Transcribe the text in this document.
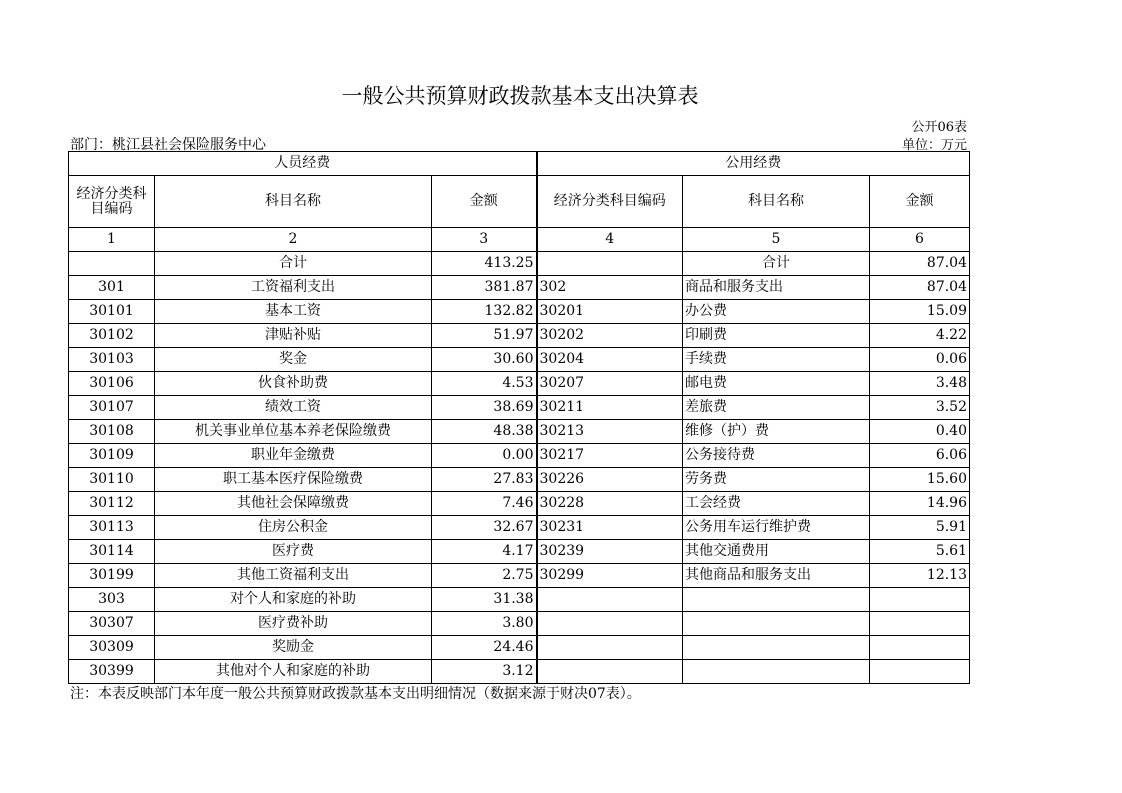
一般公共预算财政拨款基本支出决算表
公开06表
部门：桃江县社会保险服务中心	单位：万元
人员经费			公用经费		
经济分类科目编码	科目名称	金额	经济分类科目编码	科目名称	金额
1	2	3	4	5	6
	合计	413.25		合计	87.04
301	工资福利支出	381.87	302	商品和服务支出	87.04
30101	基本工资	132.82	30201	办公费	15.09
30102	津贴补贴	51.97	30202	印刷费	4.22
30103	奖金	30.60	30204	手续费	0.06
30106	伙食补助费	4.53	30207	邮电费	3.48
30107	绩效工资	38.69	30211	差旅费	3.52
30108	机关事业单位基本养老保险缴费	48.38	30213	维修（护）费	0.40
30109	职业年金缴费	0.00	30217	公务接待费	6.06
30110	职工基本医疗保险缴费	27.83	30226	劳务费	15.60
30112	其他社会保障缴费	7.46	30228	工会经费	14.96
30113	住房公积金	32.67	30231	公务用车运行维护费	5.91
30114	医疗费	4.17	30239	其他交通费用	5.61
30199	其他工资福利支出	2.75	30299	其他商品和服务支出	12.13
303	对个人和家庭的补助	31.38			
30307	医疗费补助	3.80			
30309	奖励金	24.46			
30399	其他对个人和家庭的补助	3.12			
注：本表反映部门本年度一般公共预算财政拨款基本支出明细情况（数据来源于财决07表）。
